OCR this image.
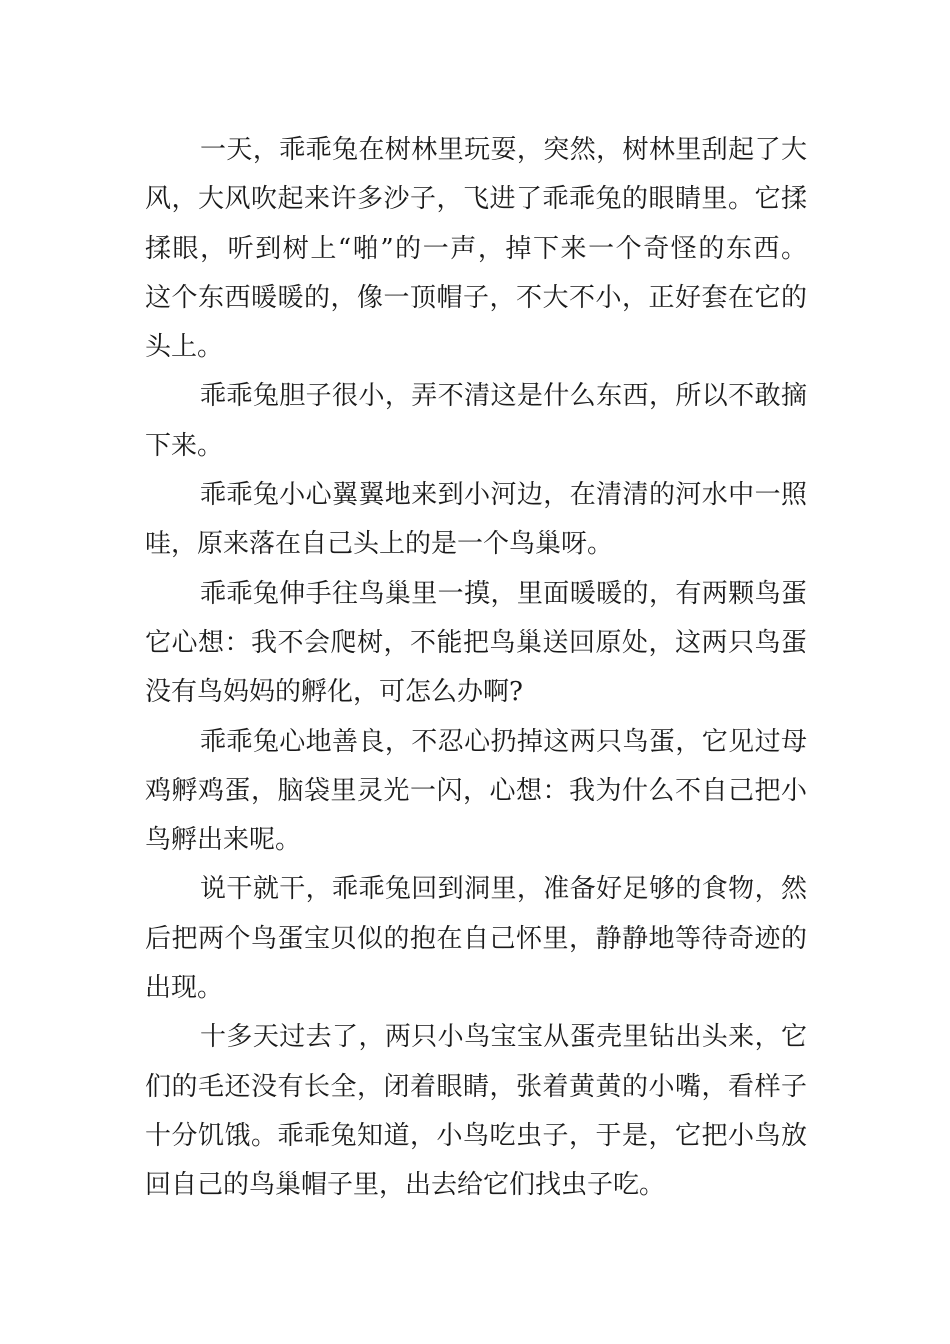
一天，乖乖兔在树林里玩耍，突然，树林里刮起了大
风，大风吹起来许多沙子，飞进了乖乖兔的眼睛里。它揉
揉眼，听到树上“啪”的一声，掉下来一个奇怪的东西。
这个东西暖暖的，像一顶帽子，不大不小，正好套在它的
头上。

乖乖兔胆子很小，弄不清这是什么东西，所以不敢摘
下来。

乖乖兔小心翼翼地来到小河边，在清清的河水中一照
哇，原来落在自己头上的是一个鸟巢呀。

乖乖兔伸手往鸟巢里一摸，里面暖暖的，有两颗鸟蛋
它心想：我不会爬树，不能把鸟巢送回原处，这两只鸟蛋
没有鸟妈妈的孵化，可怎么办啊?

乖乖兔心地善良，不忍心扔掉这两只鸟蛋，它见过母
鸡孵鸡蛋，脑袋里灵光一闪，心想：我为什么不自己把小
鸟孵出来呢。

说干就干，乖乖兔回到洞里，准备好足够的食物，然
后把两个鸟蛋宝贝似的抱在自己怀里，静静地等待奇迹的
出现。

十多天过去了，两只小鸟宝宝从蛋壳里钻出头来，它
们的毛还没有长全，闭着眼睛，张着黄黄的小嘴，看样子
十分饥饿。乖乖兔知道，小鸟吃虫子，于是，它把小鸟放
回自己的鸟巢帽子里，出去给它们找虫子吃。
